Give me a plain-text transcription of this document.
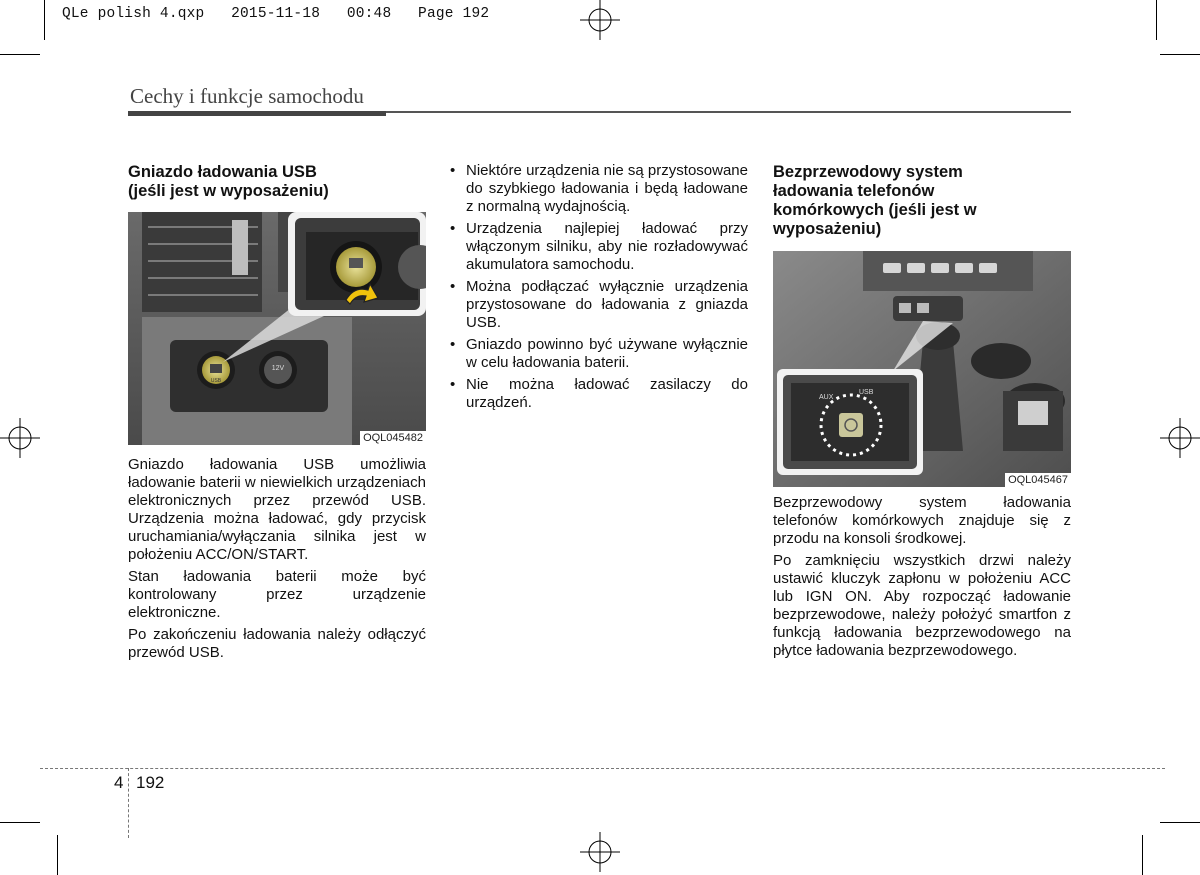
QLe polish 4.qxp   2015-11-18   00:48   Page 192
Cechy i funkcje samochodu
Gniazdo ładowania USB
(jeśli jest w wyposażeniu)
USB
12V
OQL045482

Gniazdo ładowania USB umożliwia ładowanie baterii w niewielkich urządzeniach elektronicznych przez przewód USB. Urządzenia można ładować, gdy przycisk uruchamiania/wyłączania silnika jest w położeniu ACC/ON/START.

Stan ładowania baterii może być kontrolowany przez urządzenie elektroniczne.

Po zakończeniu ładowania należy odłączyć przewód USB.

• Niektóre urządzenia nie są przystosowane do szybkiego ładowania i będą ładowane z normalną wydajnością.
• Urządzenia najlepiej ładować przy włączonym silniku, aby nie rozładowywać akumulatora samochodu.
• Można podłączać wyłącznie urządzenia przystosowane do ładowania z gniazda USB.
• Gniazdo powinno być używane wyłącznie w celu ładowania baterii.
• Nie można ładować zasilaczy do urządzeń.
Bezprzewodowy system
ładowania telefonów
komórkowych (jeśli jest w
wyposażeniu)
AUX
USB
OQL045467

Bezprzewodowy system ładowania telefonów komórkowych znajduje się z przodu na konsoli środkowej.

Po zamknięciu wszystkich drzwi należy ustawić kluczyk zapłonu w położeniu ACC lub IGN ON. Aby rozpocząć ładowanie bezprzewodowe, należy położyć smartfon z funkcją ładowania bezprzewodowego na płytce ładowania bezprzewodowego.

4 192
